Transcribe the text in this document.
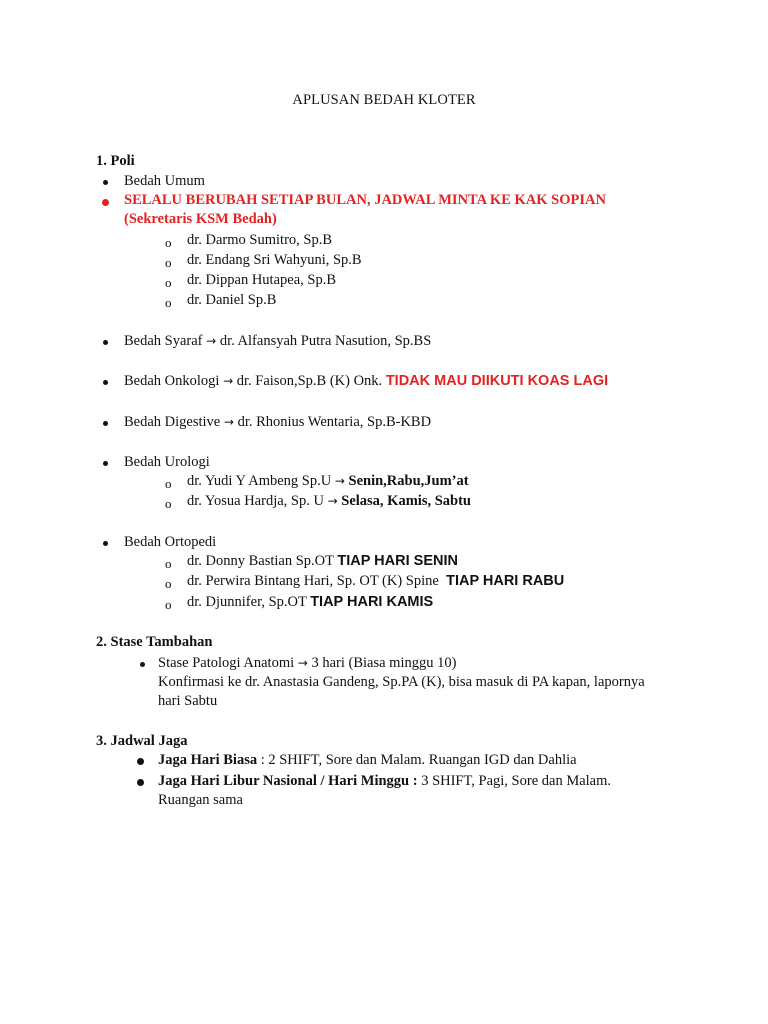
APLUSAN BEDAH KLOTER
1. Poli
Bedah Umum
SELALU BERUBAH SETIAP BULAN, JADWAL MINTA KE KAK SOPIAN
(Sekretaris KSM Bedah)
o dr. Darmo Sumitro, Sp.B
o dr. Endang Sri Wahyuni, Sp.B
o dr. Dippan Hutapea, Sp.B
o dr. Daniel Sp.B
Bedah Syaraf → dr. Alfansyah Putra Nasution, Sp.BS
Bedah Onkologi → dr. Faison,Sp.B (K) Onk. TIDAK MAU DIIKUTI KOAS LAGI
Bedah Digestive → dr. Rhonius Wentaria, Sp.B-KBD
Bedah Urologi
o dr. Yudi Y Ambeng Sp.U → Senin,Rabu,Jum’at
o dr. Yosua Hardja, Sp. U → Selasa, Kamis, Sabtu
Bedah Ortopedi
o dr. Donny Bastian Sp.OT TIAP HARI SENIN
o dr. Perwira Bintang Hari, Sp. OT (K) Spine TIAP HARI RABU
o dr. Djunnifer, Sp.OT TIAP HARI KAMIS
2. Stase Tambahan
Stase Patologi Anatomi → 3 hari (Biasa minggu 10)
Konfirmasi ke dr. Anastasia Gandeng, Sp.PA (K), bisa masuk di PA kapan, lapornya
hari Sabtu
3. Jadwal Jaga
Jaga Hari Biasa : 2 SHIFT, Sore dan Malam. Ruangan IGD dan Dahlia
Jaga Hari Libur Nasional / Hari Minggu : 3 SHIFT, Pagi, Sore dan Malam.
Ruangan sama
